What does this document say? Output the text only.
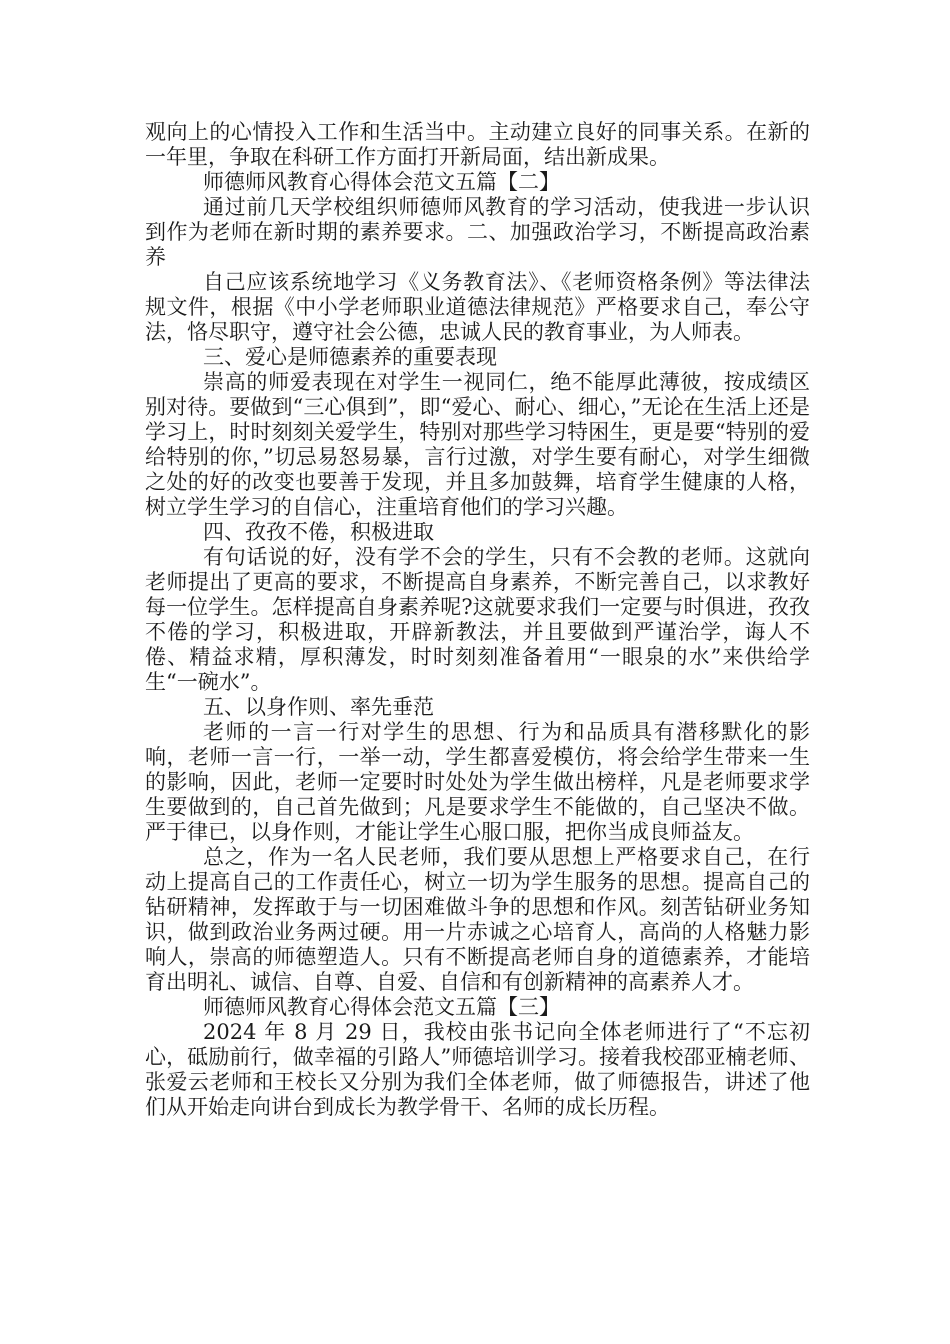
观向上的心情投入工作和生活当中。主动建立良好的同事关系。在新的一年里，争取在科研工作方面打开新局面，结出新成果。

师德师风教育心得体会范文五篇【二】

通过前几天学校组织师德师风教育的学习活动，使我进一步认识到作为老师在新时期的素养要求。二、加强政治学习，不断提高政治素养

自己应该系统地学习《义务教育法》、《老师资格条例》等法律法规文件，根据《中小学老师职业道德法律规范》严格要求自己，奉公守法，恪尽职守，遵守社会公德，忠诚人民的教育事业，为人师表。

三、爱心是师德素养的重要表现

崇高的师爱表现在对学生一视同仁，绝不能厚此薄彼，按成绩区别对待。要做到“三心俱到”，即“爱心、耐心、细心，”无论在生活上还是学习上，时时刻刻关爱学生，特别对那些学习特困生，更是要“特别的爱给特别的你，”切忌易怒易暴，言行过激，对学生要有耐心，对学生细微之处的好的改变也要善于发现，并且多加鼓舞，培育学生健康的人格，树立学生学习的自信心，注重培育他们的学习兴趣。

四、孜孜不倦，积极进取

有句话说的好，没有学不会的学生，只有不会教的老师。这就向老师提出了更高的要求，不断提高自身素养，不断完善自己，以求教好每一位学生。怎样提高自身素养呢?这就要求我们一定要与时俱进，孜孜不倦的学习，积极进取，开辟新教法，并且要做到严谨治学，诲人不倦、精益求精，厚积薄发，时时刻刻准备着用“一眼泉的水”来供给学生“一碗水”。

五、以身作则、率先垂范

老师的一言一行对学生的思想、行为和品质具有潜移默化的影响，老师一言一行，一举一动，学生都喜爱模仿，将会给学生带来一生的影响，因此，老师一定要时时处处为学生做出榜样，凡是老师要求学生要做到的，自己首先做到；凡是要求学生不能做的，自己坚决不做。严于律已，以身作则，才能让学生心服口服，把你当成良师益友。

总之，作为一名人民老师，我们要从思想上严格要求自己，在行动上提高自己的工作责任心，树立一切为学生服务的思想。提高自己的钻研精神，发挥敢于与一切困难做斗争的思想和作风。刻苦钻研业务知识，做到政治业务两过硬。用一片赤诚之心培育人，高尚的人格魅力影响人，崇高的师德塑造人。只有不断提高老师自身的道德素养，才能培育出明礼、诚信、自尊、自爱、自信和有创新精神的高素养人才。

师德师风教育心得体会范文五篇【三】

2024 年 8 月 29 日，我校由张书记向全体老师进行了“不忘初心，砥励前行，做幸福的引路人”师德培训学习。接着我校邵亚楠老师、张爱云老师和王校长又分别为我们全体老师，做了师德报告，讲述了他们从开始走向讲台到成长为教学骨干、名师的成长历程。
